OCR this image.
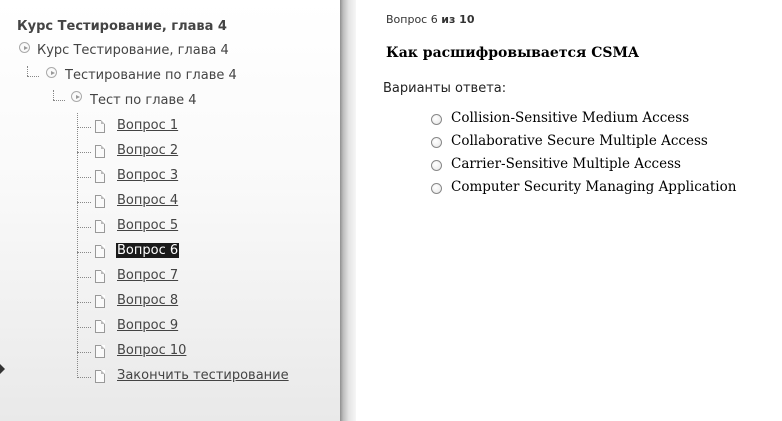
Курс Тестирование, глава 4
Курс Тестирование, глава 4
Тестирование по главе 4
Тест по главе 4
Вопрос 1
Вопрос 2
Вопрос 3
Вопрос 4
Вопрос 5
Вопрос 6
Вопрос 7
Вопрос 8
Вопрос 9
Вопрос 10
Закончить тестирование
Вопрос 6 из 10
Как расшифровывается CSMA
Варианты ответа:
Collision-Sensitive Medium Access
Collaborative Secure Multiple Access
Carrier-Sensitive Multiple Access
Computer Security Managing Application
